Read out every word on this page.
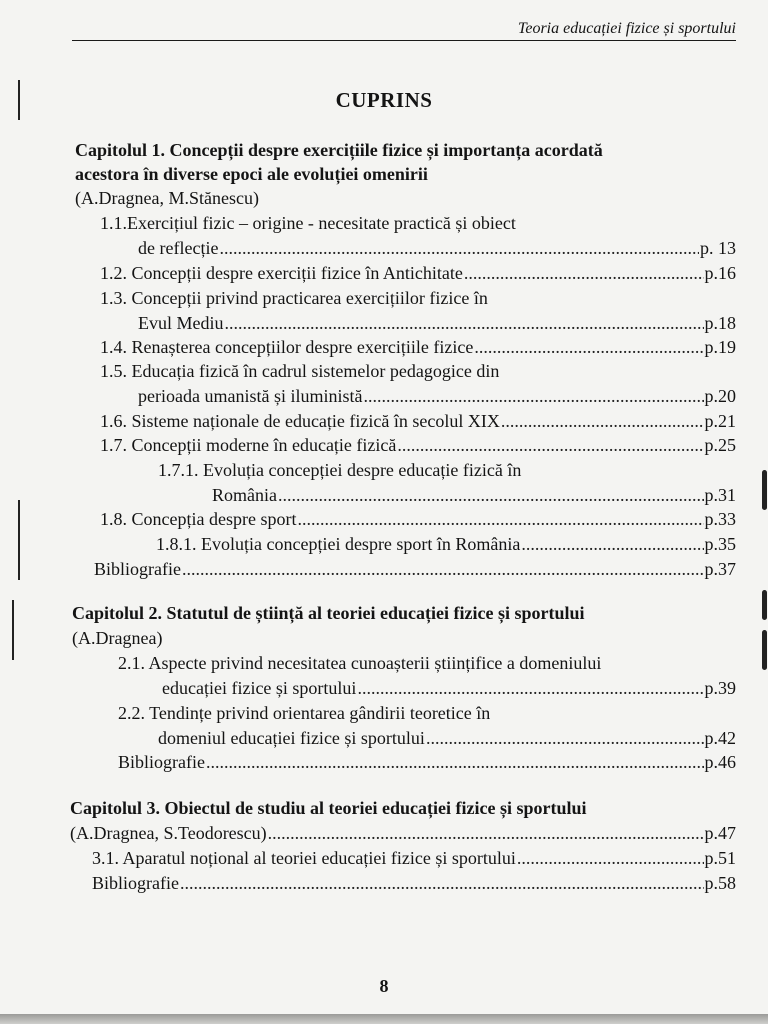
Teoria educației fizice și sportului
CUPRINS
Capitolul 1. Concepții despre exercițiile fizice și importanța acordată
acestora în diverse epoci ale evoluției omenirii
(A.Dragnea, M.Stănescu)
1.1.Exercițiul fizic – origine - necesitate practică și obiect
de reflecție .....	p. 13
1.2. Concepții despre exerciții fizice în Antichitate .....	p.16
1.3. Concepții privind practicarea exercițiilor fizice în
Evul Mediu .....	p.18
1.4. Renașterea concepțiilor despre exercițiile fizice .....	p.19
1.5. Educația fizică în cadrul sistemelor pedagogice din
perioada umanistă și iluministă .....	p.20
1.6. Sisteme naționale de educație fizică în secolul XIX .....	p.21
1.7. Concepții moderne în educație fizică .....	p.25
1.7.1. Evoluția concepției despre educație fizică în
România .....	p.31
1.8. Concepția despre sport .....	p.33
1.8.1. Evoluția concepției despre sport în România .....	p.35
Bibliografie .....	p.37
Capitolul 2. Statutul de știință al teoriei educației fizice și sportului
(A.Dragnea)
2.1. Aspecte privind necesitatea cunoașterii științifice a domeniului
educației fizice și sportului .....	p.39
2.2. Tendințe privind orientarea gândirii teoretice în
domeniul educației fizice și sportului .....	p.42
Bibliografie .....	p.46
Capitolul 3. Obiectul de studiu al teoriei educației fizice și sportului
(A.Dragnea, S.Teodorescu) .....	p.47
3.1. Aparatul noțional al teoriei educației fizice și sportului .....	p.51
Bibliografie .....	p.58
8
